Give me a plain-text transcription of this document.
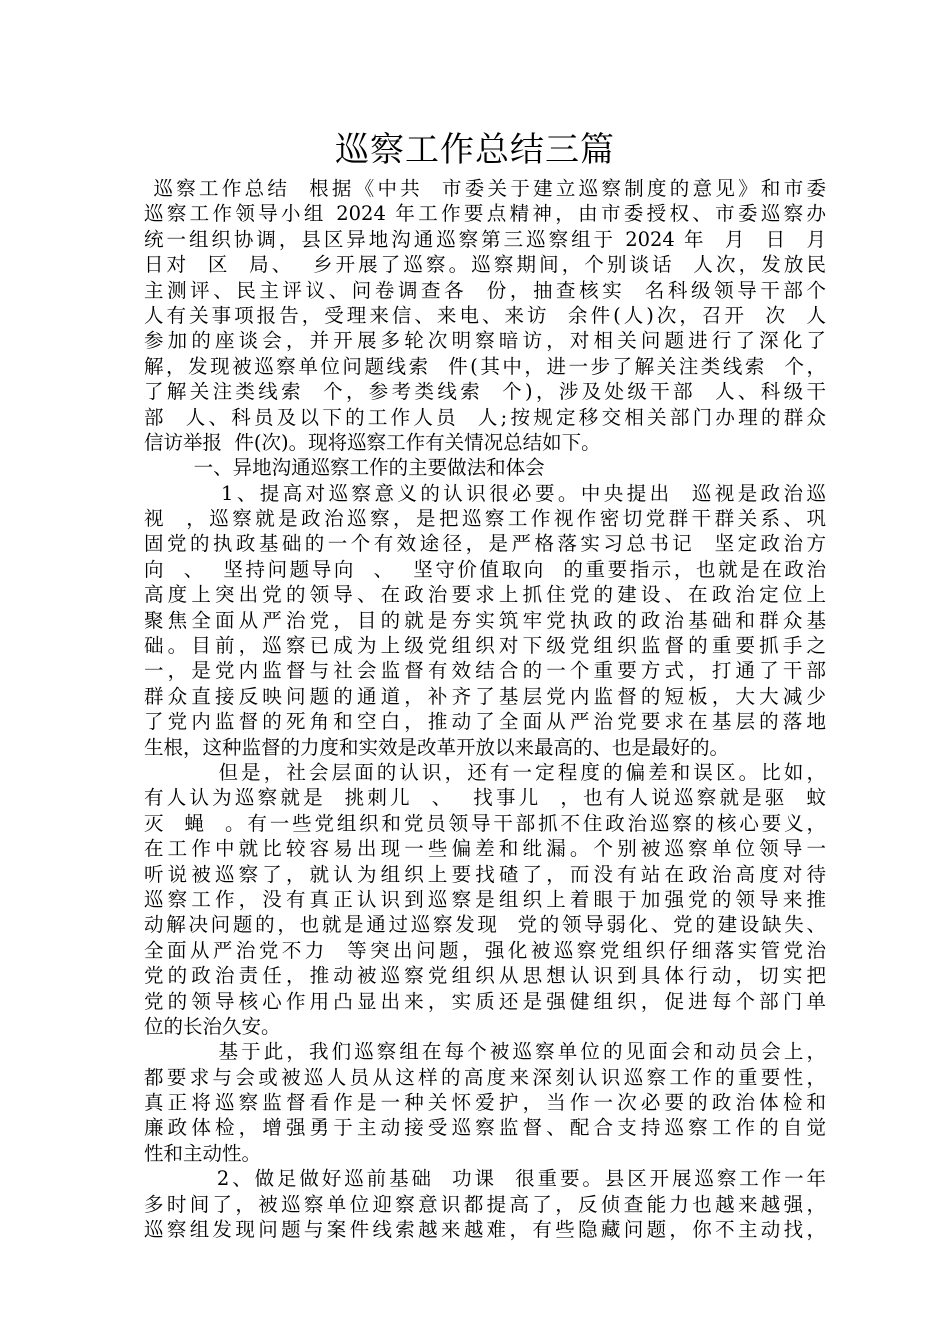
巡察工作总结三篇
巡察工作总结  根据《中共  市委关于建立巡察制度的意见》和市委
巡察工作领导小组 2024 年工作要点精神，由市委授权、市委巡察办
统一组织协调，县区异地沟通巡察第三巡察组于 2024 年  月  日  月
日对  区  局、  乡开展了巡察。巡察期间，个别谈话  人次，发放民
主测评、民主评议、问卷调查各  份，抽查核实  名科级领导干部个
人有关事项报告，受理来信、来电、来访  余件(人)次，召开  次  人
参加的座谈会，并开展多轮次明察暗访，对相关问题进行了深化了
解，发现被巡察单位问题线索  件(其中，进一步了解关注类线索  个，
了解关注类线索  个，参考类线索  个)，涉及处级干部  人、科级干
部  人、科员及以下的工作人员  人;按规定移交相关部门办理的群众
信访举报  件(次)。现将巡察工作有关情况总结如下。
一、异地沟通巡察工作的主要做法和体会
1、提高对巡察意义的认识很必要。中央提出  巡视是政治巡
视  ，巡察就是政治巡察，是把巡察工作视作密切党群干群关系、巩
固党的执政基础的一个有效途径，是严格落实习总书记  坚定政治方
向  、  坚持问题导向  、  坚守价值取向  的重要指示，也就是在政治
高度上突出党的领导、在政治要求上抓住党的建设、在政治定位上
聚焦全面从严治党，目的就是夯实筑牢党执政的政治基础和群众基
础。目前，巡察已成为上级党组织对下级党组织监督的重要抓手之
一，是党内监督与社会监督有效结合的一个重要方式，打通了干部
群众直接反映问题的通道，补齐了基层党内监督的短板，大大减少
了党内监督的死角和空白，推动了全面从严治党要求在基层的落地
生根，这种监督的力度和实效是改革开放以来最高的、也是最好的。
但是，社会层面的认识，还有一定程度的偏差和误区。比如，
有人认为巡察就是  挑刺儿  、  找事儿  ，也有人说巡察就是驱  蚊
灭  蝇  。有一些党组织和党员领导干部抓不住政治巡察的核心要义，
在工作中就比较容易出现一些偏差和纰漏。个别被巡察单位领导一
听说被巡察了，就认为组织上要找碴了，而没有站在政治高度对待
巡察工作，没有真正认识到巡察是组织上着眼于加强党的领导来推
动解决问题的，也就是通过巡察发现  党的领导弱化、党的建设缺失、
全面从严治党不力  等突出问题，强化被巡察党组织仔细落实管党治
党的政治责任，推动被巡察党组织从思想认识到具体行动，切实把
党的领导核心作用凸显出来，实质还是强健组织，促进每个部门单
位的长治久安。
基于此，我们巡察组在每个被巡察单位的见面会和动员会上，
都要求与会或被巡人员从这样的高度来深刻认识巡察工作的重要性，
真正将巡察监督看作是一种关怀爱护，当作一次必要的政治体检和
廉政体检，增强勇于主动接受巡察监督、配合支持巡察工作的自觉
性和主动性。
2、做足做好巡前基础  功课  很重要。县区开展巡察工作一年
多时间了，被巡察单位迎察意识都提高了，反侦查能力也越来越强，
巡察组发现问题与案件线索越来越难，有些隐藏问题，你不主动找，
